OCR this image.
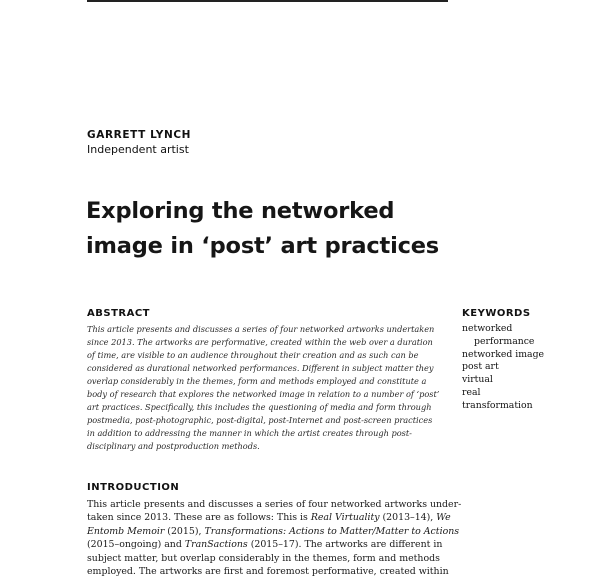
GARRETT LYNCH
Independent artist
Exploring the networked
image in ‘post’ art practices
ABSTRACT
This article presents and discusses a series of four networked artworks undertaken
since 2013. The artworks are performative, created within the web over a duration
of time, are visible to an audience throughout their creation and as such can be
considered as durational networked performances. Different in subject matter they
overlap considerably in the themes, form and methods employed and constitute a
body of research that explores the networked image in relation to a number of ‘post’
art practices. Specifically, this includes the questioning of media and form through
postmedia, post-photographic, post-digital, post-Internet and post-screen practices
in addition to addressing the manner in which the artist creates through post-
disciplinary and postproduction methods.
KEYWORDS
networked
performance
networked image
post art
virtual
real
transformation
INTRODUCTION
This article presents and discusses a series of four networked artworks under-
taken since 2013. These are as follows: This is Real Virtuality (2013–14), We
Entomb Memoir (2015), Transformations: Actions to Matter/Matter to Actions
(2015–ongoing) and TranSactions (2015–17). The artworks are different in
subject matter, but overlap considerably in the themes, form and methods
employed. The artworks are first and foremost performative, created within
